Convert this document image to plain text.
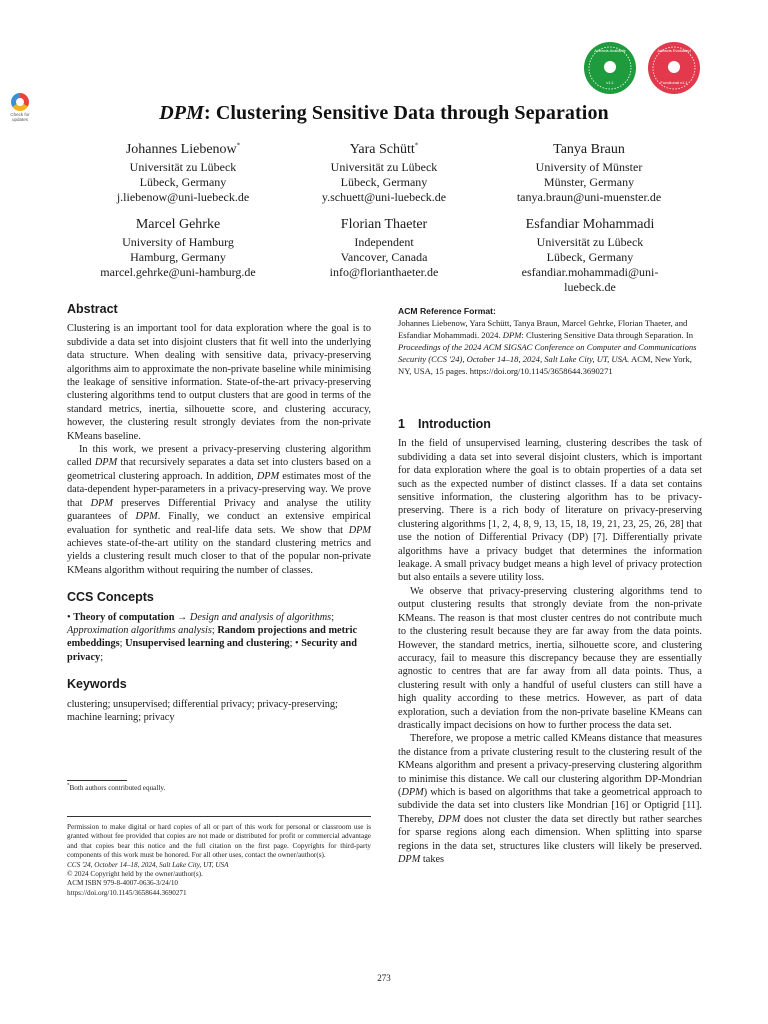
Check for updates
Artifacts Available
v1.1
Artifacts Evaluated
Functional v1.1
DPM: Clustering Sensitive Data through Separation
Johannes Liebenow*
Universität zu Lübeck
Lübeck, Germany
j.liebenow@uni-luebeck.de
Yara Schütt*
Universität zu Lübeck
Lübeck, Germany
y.schuett@uni-luebeck.de
Tanya Braun
University of Münster
Münster, Germany
tanya.braun@uni-muenster.de
Marcel Gehrke
University of Hamburg
Hamburg, Germany
marcel.gehrke@uni-hamburg.de
Florian Thaeter
Independent
Vancover, Canada
info@florianthaeter.de
Esfandiar Mohammadi
Universität zu Lübeck
Lübeck, Germany
esfandiar.mohammadi@uni-luebeck.de
Abstract

Clustering is an important tool for data exploration where the goal is to subdivide a data set into disjoint clusters that fit well into the underlying data structure. When dealing with sensitive data, privacy-preserving algorithms aim to approximate the non-private baseline while minimising the leakage of sensitive information. State-of-the-art privacy-preserving clustering algorithms tend to output clusters that are good in terms of the standard metrics, inertia, silhouette score, and clustering accuracy, however, the clustering result strongly deviates from the non-private KMeans baseline.

In this work, we present a privacy-preserving clustering algorithm called DPM that recursively separates a data set into clusters based on a geometrical clustering approach. In addition, DPM estimates most of the data-dependent hyper-parameters in a privacy-preserving way. We prove that DPM preserves Differential Privacy and analyse the utility guarantees of DPM. Finally, we conduct an extensive empirical evaluation for synthetic and real-life data sets. We show that DPM achieves state-of-the-art utility on the standard clustering metrics and yields a clustering result much closer to that of the popular non-private KMeans algorithm without requiring the number of classes.

CCS Concepts

• Theory of computation → Design and analysis of algorithms; Approximation algorithms analysis; Random projections and metric embeddings; Unsupervised learning and clustering; • Security and privacy;

Keywords

clustering; unsupervised; differential privacy; privacy-preserving; machine learning; privacy

*Both authors contributed equally.

Permission to make digital or hard copies of all or part of this work for personal or classroom use is granted without fee provided that copies are not made or distributed for profit or commercial advantage and that copies bear this notice and the full citation on the first page. Copyrights for third-party components of this work must be honored. For all other uses, contact the owner/author(s).

CCS '24, October 14–18, 2024, Salt Lake City, UT, USA

© 2024 Copyright held by the owner/author(s).

ACM ISBN 979-8-4007-0636-3/24/10

https://doi.org/10.1145/3658644.3690271

ACM Reference Format:
Johannes Liebenow, Yara Schütt, Tanya Braun, Marcel Gehrke, Florian Thaeter, and Esfandiar Mohammadi. 2024. DPM: Clustering Sensitive Data through Separation. In Proceedings of the 2024 ACM SIGSAC Conference on Computer and Communications Security (CCS '24), October 14–18, 2024, Salt Lake City, UT, USA. ACM, New York, NY, USA, 15 pages. https://doi.org/10.1145/3658644.3690271
1 Introduction

In the field of unsupervised learning, clustering describes the task of subdividing a data set into several disjoint clusters, which is important for data exploration where the goal is to obtain properties of a data set such as the expected number of distinct classes. If a data set contains sensitive information, the clustering algorithm has to be privacy-preserving. There is a rich body of literature on privacy-preserving clustering algorithms [1, 2, 4, 8, 9, 13, 15, 18, 19, 21, 23, 25, 26, 28] that use the notion of Differential Privacy (DP) [7]. Differentially private algorithms have a privacy budget that determines the information leakage. A small privacy budget means a high level of privacy protection but also entails a severe utility loss.

We observe that privacy-preserving clustering algorithms tend to output clustering results that strongly deviate from the non-private KMeans. The reason is that most cluster centres do not contribute much to the clustering result because they are far away from the data points. However, the standard metrics, inertia, silhouette score, and clustering accuracy, fail to measure this discrepancy because they are essentially agnostic to centres that are far away from all data points. Thus, a clustering result with only a handful of useful clusters can still have a high quality according to these metrics. However, as part of data exploration, such a deviation from the non-private baseline KMeans can drastically impact decisions on how to further process the data set.

Therefore, we propose a metric called KMeans distance that measures the distance from a private clustering result to the clustering result of the KMeans algorithm and present a privacy-preserving clustering algorithm to minimise this distance. We call our clustering algorithm DP-Mondrian (DPM) which is based on algorithms that take a geometrical approach to subdivide the data set into clusters like Mondrian [16] or Optigrid [11]. Thereby, DPM does not cluster the data set directly but rather searches for sparse regions along each dimension. When splitting into sparse regions in the data set, structures like clusters will likely be preserved. DPM takes

273
